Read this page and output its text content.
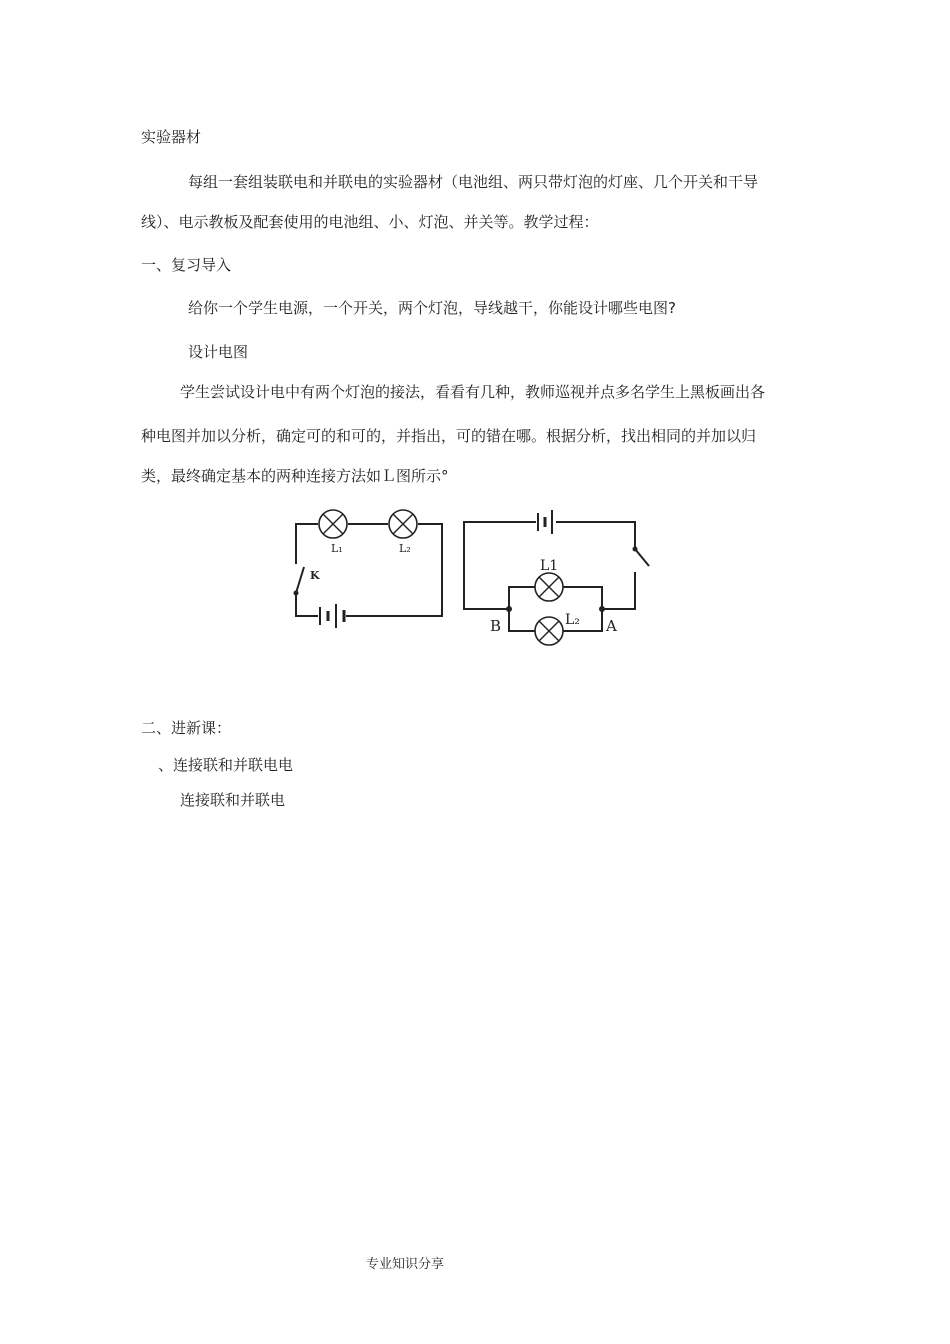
实验器材
每组一套组装联电和并联电的实验器材（电池组、两只带灯泡的灯座、几个开关和干导
线）、电示教板及配套使用的电池组、小、灯泡、并关等。教学过程：
一、复习导入
给你一个学生电源，一个开关，两个灯泡，导线越干，你能设计哪些电图?
设计电图
学生尝试设计电中有两个灯泡的接法，看看有几种，教师巡视并点多名学生上黑板画出各
种电图并加以分析，确定可的和可的，并指出，可的错在哪。根据分析，找出相同的并加以归
类，最终确定基本的两种连接方法如Ｌ图所示°
L₁	L₂
K
L1
L₂
B	A
二、进新课：
、连接联和并联电电
连接联和并联电
专业知识分享
